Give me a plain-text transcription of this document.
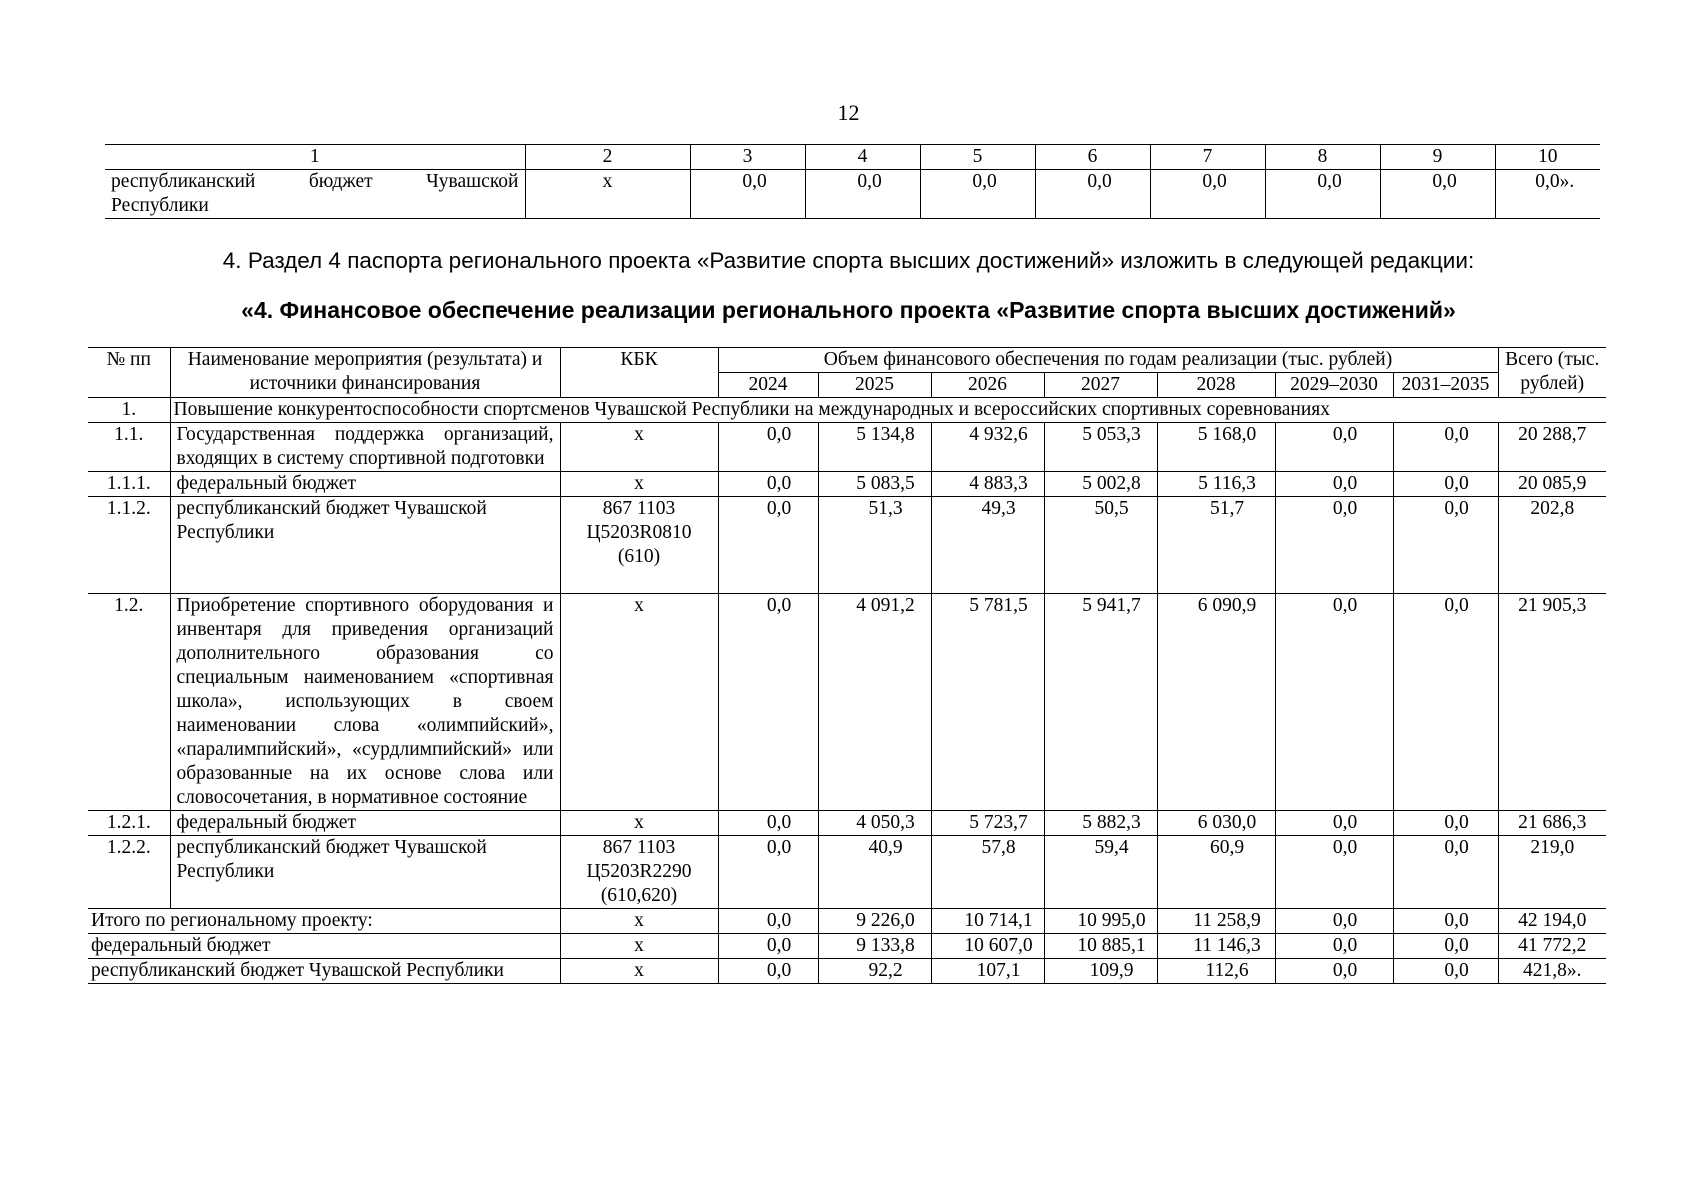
12
1	2	3	4	5	6	7	8	9	10
республиканский бюджет Чувашской Республики	х	0,0	0,0	0,0	0,0	0,0	0,0	0,0	0,0».
4. Раздел 4 паспорта регионального проекта «Развитие спорта высших достижений» изложить в следующей редакции:
«4. Финансовое обеспечение реализации регионального проекта «Развитие спорта высших достижений»
№ пп	Наименование мероприятия (результата) и источники финансирования	КБК	Объем финансового обеспечения по годам реализации (тыс. рублей)							Всего (тыс. рублей)
			2024	2025	2026	2027	2028	2029–2030	2031–2035	
1.	Повышение конкурентоспособности спортсменов Чувашской Республики на международных и всероссийских спортивных соревнованиях									
1.1.	Государственная поддержка организаций, входящих в систему спортивной подготовки	х	0,0	5 134,8	4 932,6	5 053,3	5 168,0	0,0	0,0	20 288,7
1.1.1.	федеральный бюджет	х	0,0	5 083,5	4 883,3	5 002,8	5 116,3	0,0	0,0	20 085,9
1.1.2.	республиканский бюджет Чувашской Республики	867 1103 Ц5203R0810 (610)	0,0	51,3	49,3	50,5	51,7	0,0	0,0	202,8
1.2.	Приобретение спортивного оборудования и инвентаря для приведения организаций дополнительного образования со специальным наименованием «спортивная школа», использующих в своем наименовании слова «олимпийский», «паралимпийский», «сурдлимпийский» или образованные на их основе слова или словосочетания, в нормативное состояние	х	0,0	4 091,2	5 781,5	5 941,7	6 090,9	0,0	0,0	21 905,3
1.2.1.	федеральный бюджет	х	0,0	4 050,3	5 723,7	5 882,3	6 030,0	0,0	0,0	21 686,3
1.2.2.	республиканский бюджет Чувашской Республики	867 1103 Ц5203R2290 (610,620)	0,0	40,9	57,8	59,4	60,9	0,0	0,0	219,0
Итого по региональному проекту:		х	0,0	9 226,0	10 714,1	10 995,0	11 258,9	0,0	0,0	42 194,0
федеральный бюджет		х	0,0	9 133,8	10 607,0	10 885,1	11 146,3	0,0	0,0	41 772,2
республиканский бюджет Чувашской Республики		х	0,0	92,2	107,1	109,9	112,6	0,0	0,0	421,8».
